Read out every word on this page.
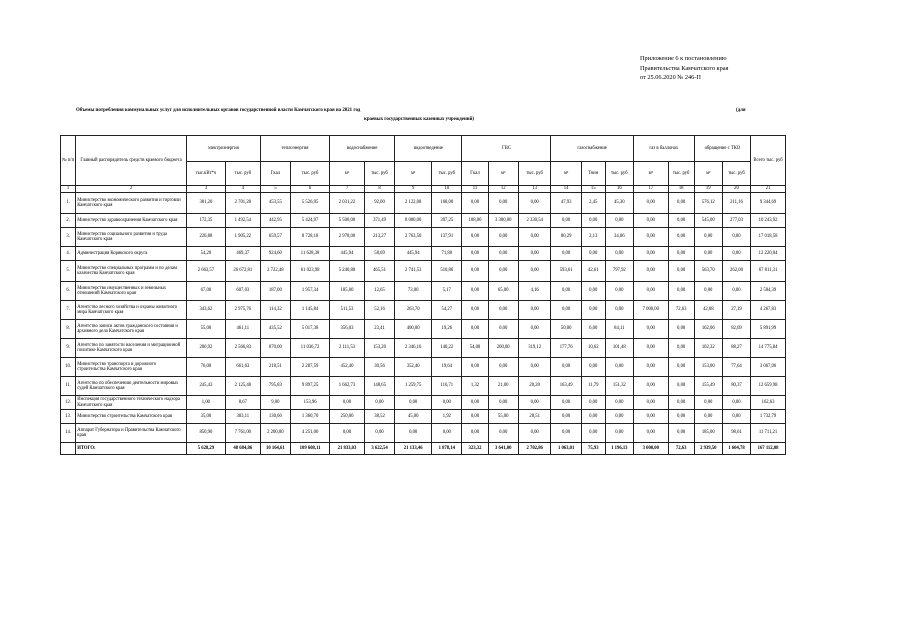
Приложение 6 к постановлению
Правительства Камчатского края
от 25.06.2020 № 246-П
Объемы потребления коммунальных услуг для исполнительных органов государственной власти Камчатского края на 2021 год	(для
краевых государственных казенных учреждений)
№ п/п	Главный распорядитель средств краевого бюджета	электроэнергия		теплоэнергия		водоснабжение		водоотведение		ГВС			газоснабжение			газ в баллонах		обращение с ТКО		Всего тыс. руб
		тыс.кВт*ч	тыс. руб	Гкал	тыс. руб	м³	тыс. руб	м³	тыс. руб	Гкал	м³	тыс. руб	м³	Тонн	тыс. руб	м³	тыс. руб	м³	тыс. руб	
1	2	3	4	5	6	7	8	9	10	11	12	13	14	15	16	17	18	19	20	21
1.	Министерство экономического развития и торговли Камчатского края	381,20	2 701,28	453,55	5 526,95	2 031,22	92,00	2 122,08	168,00	0,00	0,00	0,00	47,93	2,45	45,30	0,00	0,00	576,12	211,16	9 344,69
2.	Министерство здравоохранения Камчатского края	172,35	1 492,54	442,95	5 424,97	5 500,00	371,49	8 000,00	397,25	108,00	3 300,00	2 330,54	0,00	0,00	0,00	0,00	0,00	545,00	277,03	10 243,92
3.	Министерство социального развития и труда Камчатского края	220,88	1 905,22	659,57	8 728,18	2 978,00	213,27	2 763,50	137,91	0,00	0,00	0,00	80,29	2,13	34,06	0,00	0,00	0,00	0,00	17 018,58
4.	Администрация Корякского округа	54,20	469,37	924,60	11 628,38	445,94	58,69	445,94	71,80	0,00	0,00	0,00	0,00	0,00	0,00	0,00	0,00	0,00	0,00	12 220,04
5.	Министерство специальных программ и по делам казачества Камчатского края	2 663,57	26 672,81	2 722,48	61 023,98	5 240,88	465,51	2 741,53	510,86	0,00	0,00	0,00	593,61	42,61	797,92	0,00	0,00	563,70	262,00	67 811,31
6.	Министерство имущественных и земельных отношений Камчатского края	67,00	607,03	187,00	1 957,34	185,00	12,65	73,00	5,17	0,00	65,00	4,16	0,00	0,00	0,00	0,00	0,00	0,00	0,00	2 584,39
7.	Агентство лесного хозяйства и охраны животного мира Камчатского края	343,62	2 975,76	114,32	1 145,84	511,53	52,16	263,70	54,27	0,00	0,00	0,00	0,00	0,00	0,00	7 000,00	72,63	42,08	27,19	4 267,83
8.	Агентство записи актов гражданского состояния и архивного дела Камчатского края	55,00	461,11	435,52	5 017,38	356,03	23,41	400,00	19,26	0,00	0,00	0,00	50,00	6,00	84,11	0,00	0,00	162,06	82,69	5 891,99
9.	Агентство по занятости населения и миграционной политике Камчатского края	200,92	2 566,83	870,00	11 036,72	2 111,53	153,20	2 346,16	140,22	54,00	200,00	319,12	177,76	10,62	101,48	0,00	0,00	102,32	88,27	14 775,84
10.	Министерство транспорта и дорожного строительства Камчатского края	76,00	661,63	218,51	2 287,59	452,40	30,56	352,40	19,64	0,00	0,00	0,00	0,00	0,00	0,00	0,00	0,00	153,00	77,64	3 067,06
11.	Агентство по обеспечению деятельности мировых судей Камчатского края	245,43	2 125,48	795,83	9 897,25	1 662,73	148,65	1 259,75	116,71	1,32	21,00	20,20	163,49	11,79	151,32	0,00	0,00	155,49	80,37	12 659,98
12.	Инспекция государственного технического надзора Камчатского края	1,00	8,67	9,00	153,96	0,00	0,00	0,00	0,00	0,00	0,00	0,00	0,00	0,00	0,00	0,00	0,00	0,00	0,00	162,63
13.	Министерство строительства Камчатского края	35,00	303,11	130,60	1 360,70	250,00	38,52	45,00	1,92	0,00	55,00	28,51	0,00	0,00	0,00	0,00	0,00	0,00	0,00	1 732,79
14.	Аппарат Губернатора и Правительства Камчатского края	850,90	7 761,00	2 200,00	4 251,00	0,00	0,00	0,00	0,00	0,00	0,00	0,00	0,00	0,00	0,00	0,00	0,00	185,00	98,61	11 711,21
	ИТОГО:	5 628,29	48 684,86	10 164,61	109 608,11	21 833,03	3 622,54	21 133,46	1 878,14	323,32	3 641,00	2 702,86	1 063,01	75,93	1 196,13	3 000,00	72,63	2 939,50	1 604,78	167 112,08
